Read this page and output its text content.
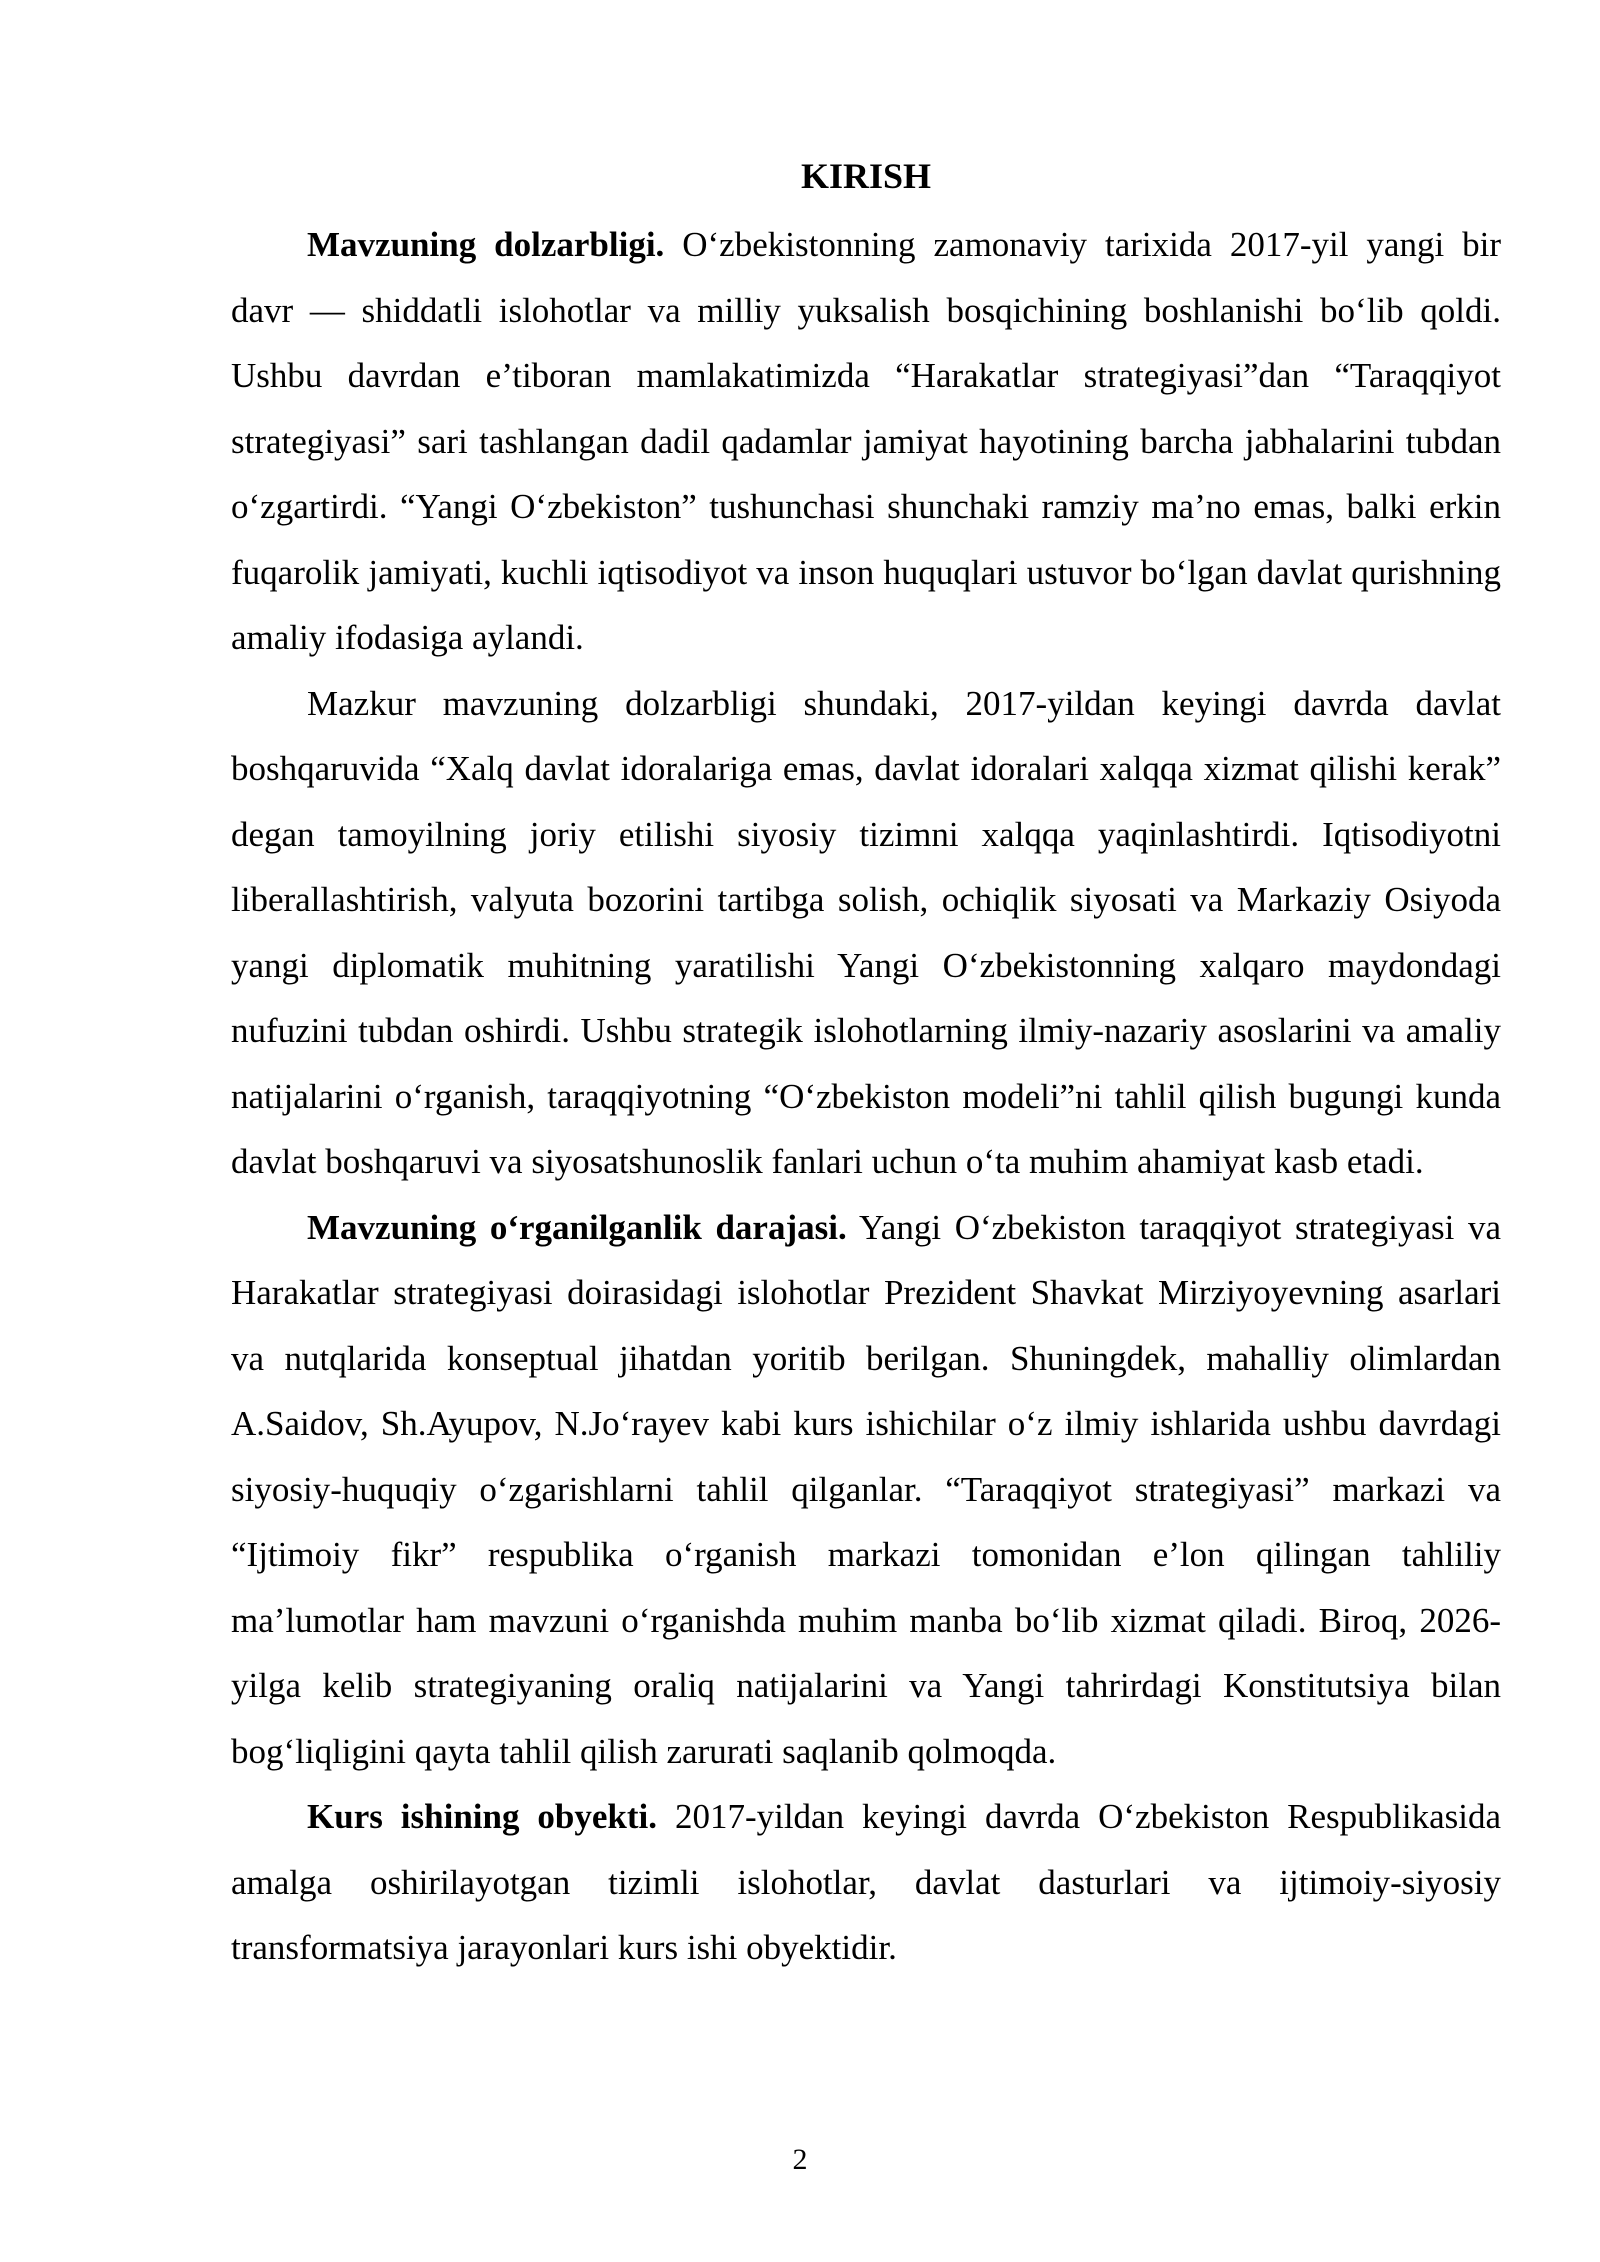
KIRISH

Mavzuning dolzarbligi. O‘zbekistonning zamonaviy tarixida 2017-yil yangi bir davr — shiddatli islohotlar va milliy yuksalish bosqichining boshlanishi bo‘lib qoldi. Ushbu davrdan e’tiboran mamlakatimizda “Harakatlar strategiyasi”dan “Taraqqiyot strategiyasi” sari tashlangan dadil qadamlar jamiyat hayotining barcha jabhalarini tubdan o‘zgartirdi. “Yangi O‘zbekiston” tushunchasi shunchaki ramziy ma’no emas, balki erkin fuqarolik jamiyati, kuchli iqtisodiyot va inson huquqlari ustuvor bo‘lgan davlat qurishning amaliy ifodasiga aylandi.

Mazkur mavzuning dolzarbligi shundaki, 2017-yildan keyingi davrda davlat boshqaruvida “Xalq davlat idoralariga emas, davlat idoralari xalqqa xizmat qilishi kerak” degan tamoyilning joriy etilishi siyosiy tizimni xalqqa yaqinlashtirdi. Iqtisodiyotni liberallashtirish, valyuta bozorini tartibga solish, ochiqlik siyosati va Markaziy Osiyoda yangi diplomatik muhitning yaratilishi Yangi O‘zbekistonning xalqaro maydondagi nufuzini tubdan oshirdi. Ushbu strategik islohotlarning ilmiy-nazariy asoslarini va amaliy natijalarini o‘rganish, taraqqiyotning “O‘zbekiston modeli”ni tahlil qilish bugungi kunda davlat boshqaruvi va siyosatshunoslik fanlari uchun o‘ta muhim ahamiyat kasb etadi.

Mavzuning o‘rganilganlik darajasi. Yangi O‘zbekiston taraqqiyot strategiyasi va Harakatlar strategiyasi doirasidagi islohotlar Prezident Shavkat Mirziyoyevning asarlari va nutqlarida konseptual jihatdan yoritib berilgan. Shuningdek, mahalliy olimlardan A.Saidov, Sh.Ayupov, N.Jo‘rayev kabi kurs ishichilar o‘z ilmiy ishlarida ushbu davrdagi siyosiy-huquqiy o‘zgarishlarni tahlil qilganlar. “Taraqqiyot strategiyasi” markazi va “Ijtimoiy fikr” respublika o‘rganish markazi tomonidan e’lon qilingan tahliliy ma’lumotlar ham mavzuni o‘rganishda muhim manba bo‘lib xizmat qiladi. Biroq, 2026-yilga kelib strategiyaning oraliq natijalarini va Yangi tahrirdagi Konstitutsiya bilan bog‘liqligini qayta tahlil qilish zarurati saqlanib qolmoqda.

Kurs ishining obyekti. 2017-yildan keyingi davrda O‘zbekiston Respublikasida amalga oshirilayotgan tizimli islohotlar, davlat dasturlari va ijtimoiy-siyosiy transformatsiya jarayonlari kurs ishi obyektidir.

2
